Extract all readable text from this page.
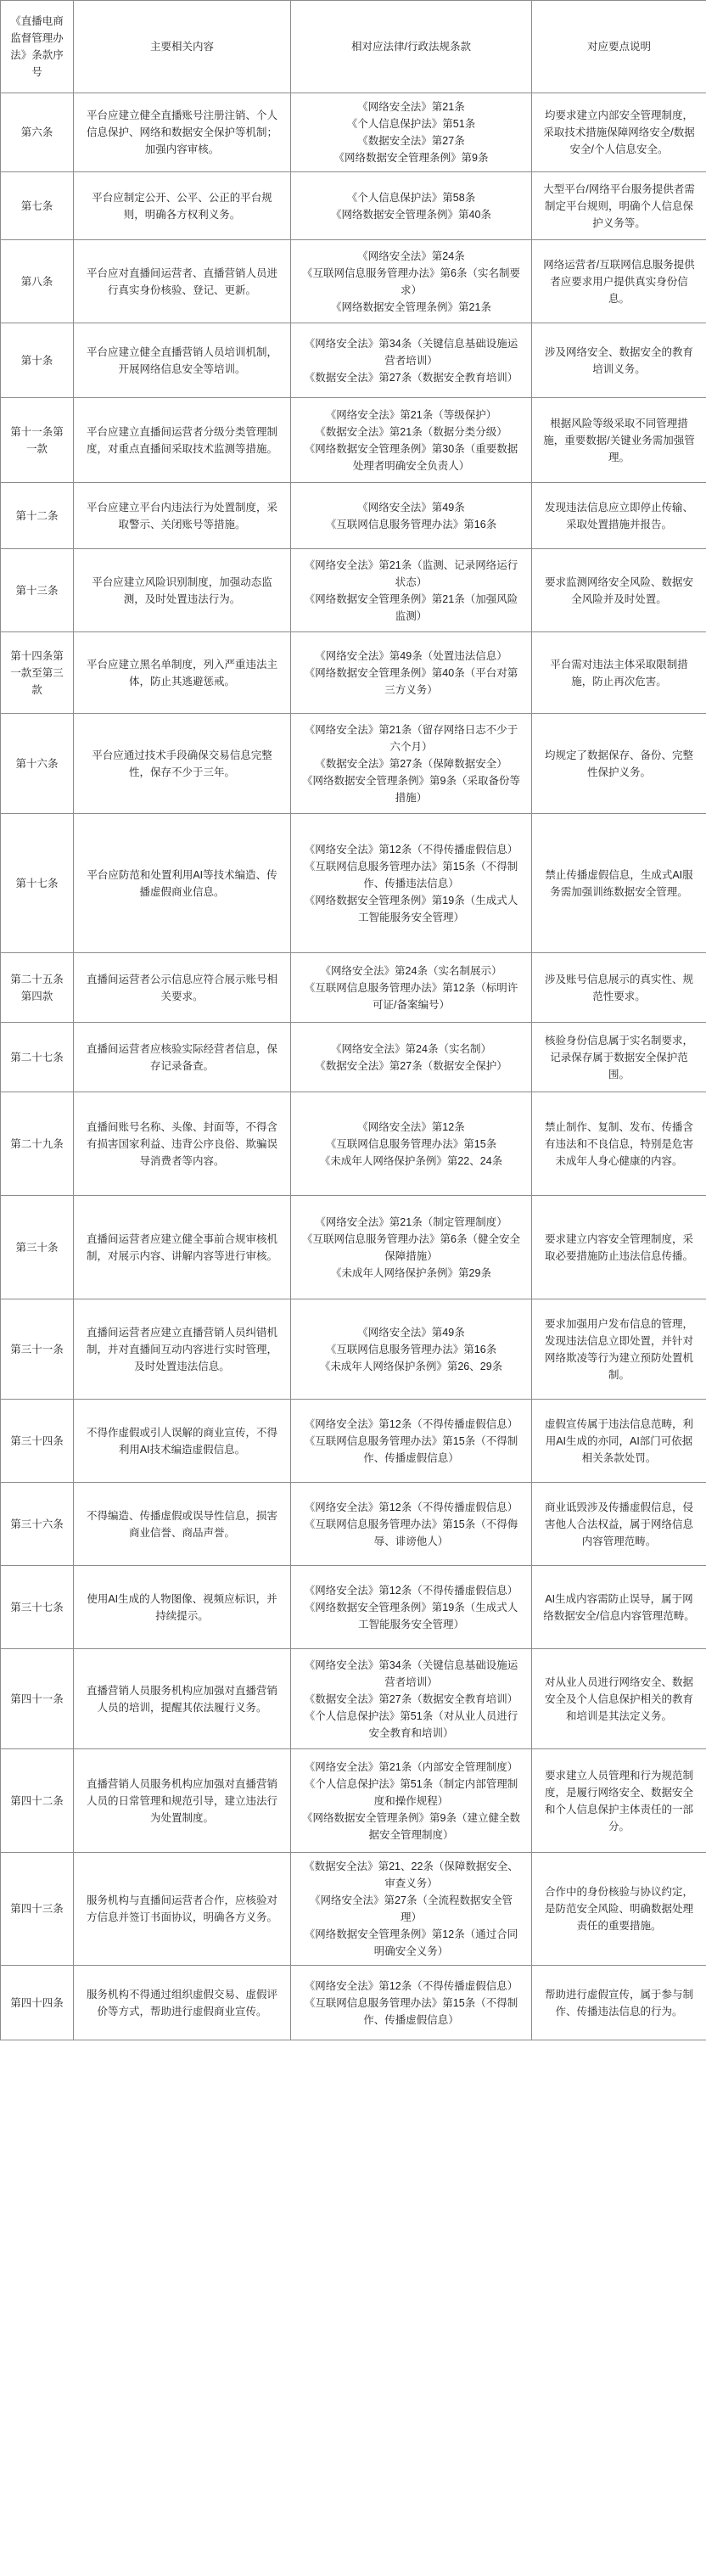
《直播电商监督管理办法》条款序号	主要相关内容	相对应法律/行政法规条款	对应要点说明
第六条	平台应建立健全直播账号注册注销、个人信息保护、网络和数据安全保护等机制；加强内容审核。	《网络安全法》第21条
《个人信息保护法》第51条
《数据安全法》第27条
《网络数据安全管理条例》第9条	均要求建立内部安全管理制度，采取技术措施保障网络安全/数据安全/个人信息安全。
第七条	平台应制定公开、公平、公正的平台规则，明确各方权利义务。	《个人信息保护法》第58条
《网络数据安全管理条例》第40条	大型平台/网络平台服务提供者需制定平台规则，明确个人信息保护义务等。
第八条	平台应对直播间运营者、直播营销人员进行真实身份核验、登记、更新。	《网络安全法》第24条
《互联网信息服务管理办法》第6条（实名制要求）
《网络数据安全管理条例》第21条	网络运营者/互联网信息服务提供者应要求用户提供真实身份信息。
第十条	平台应建立健全直播营销人员培训机制，开展网络信息安全等培训。	《网络安全法》第34条（关键信息基础设施运营者培训）
《数据安全法》第27条（数据安全教育培训）	涉及网络安全、数据安全的教育培训义务。
第十一条第一款	平台应建立直播间运营者分级分类管理制度，对重点直播间采取技术监测等措施。	《网络安全法》第21条（等级保护）
《数据安全法》第21条（数据分类分级）
《网络数据安全管理条例》第30条（重要数据处理者明确安全负责人）	根据风险等级采取不同管理措施，重要数据/关键业务需加强管理。
第十二条	平台应建立平台内违法行为处置制度，采取警示、关闭账号等措施。	《网络安全法》第49条
《互联网信息服务管理办法》第16条	发现违法信息应立即停止传输、采取处置措施并报告。
第十三条	平台应建立风险识别制度，加强动态监测，及时处置违法行为。	《网络安全法》第21条（监测、记录网络运行状态）
《网络数据安全管理条例》第21条（加强风险监测）	要求监测网络安全风险、数据安全风险并及时处置。
第十四条第一款至第三款	平台应建立黑名单制度，列入严重违法主体，防止其逃避惩戒。	《网络安全法》第49条（处置违法信息）
《网络数据安全管理条例》第40条（平台对第三方义务）	平台需对违法主体采取限制措施，防止再次危害。
第十六条	平台应通过技术手段确保交易信息完整性，保存不少于三年。	《网络安全法》第21条（留存网络日志不少于六个月）
《数据安全法》第27条（保障数据安全）
《网络数据安全管理条例》第9条（采取备份等措施）	均规定了数据保存、备份、完整性保护义务。
第十七条	平台应防范和处置利用AI等技术编造、传播虚假商业信息。	《网络安全法》第12条（不得传播虚假信息）
《互联网信息服务管理办法》第15条（不得制作、传播违法信息）
《网络数据安全管理条例》第19条（生成式人工智能服务安全管理）	禁止传播虚假信息，生成式AI服务需加强训练数据安全管理。
第二十五条第四款	直播间运营者公示信息应符合展示账号相关要求。	《网络安全法》第24条（实名制展示）
《互联网信息服务管理办法》第12条（标明许可证/备案编号）	涉及账号信息展示的真实性、规范性要求。
第二十七条	直播间运营者应核验实际经营者信息，保存记录备查。	《网络安全法》第24条（实名制）
《数据安全法》第27条（数据安全保护）	核验身份信息属于实名制要求，记录保存属于数据安全保护范围。
第二十九条	直播间账号名称、头像、封面等，不得含有损害国家利益、违背公序良俗、欺骗误导消费者等内容。	《网络安全法》第12条
《互联网信息服务管理办法》第15条
《未成年人网络保护条例》第22、24条	禁止制作、复制、发布、传播含有违法和不良信息，特别是危害未成年人身心健康的内容。
第三十条	直播间运营者应建立健全事前合规审核机制，对展示内容、讲解内容等进行审核。	《网络安全法》第21条（制定管理制度）
《互联网信息服务管理办法》第6条（健全安全保障措施）
《未成年人网络保护条例》第29条	要求建立内容安全管理制度，采取必要措施防止违法信息传播。
第三十一条	直播间运营者应建立直播营销人员纠错机制，并对直播间互动内容进行实时管理，及时处置违法信息。	《网络安全法》第49条
《互联网信息服务管理办法》第16条
《未成年人网络保护条例》第26、29条	要求加强用户发布信息的管理，发现违法信息立即处置，并针对网络欺凌等行为建立预防处置机制。
第三十四条	不得作虚假或引人误解的商业宣传，不得利用AI技术编造虚假信息。	《网络安全法》第12条（不得传播虚假信息）
《互联网信息服务管理办法》第15条（不得制作、传播虚假信息）	虚假宣传属于违法信息范畴，利用AI生成的亦同，AI部门可依据相关条款处罚。
第三十六条	不得编造、传播虚假或误导性信息，损害商业信誉、商品声誉。	《网络安全法》第12条（不得传播虚假信息）
《互联网信息服务管理办法》第15条（不得侮辱、诽谤他人）	商业诋毁涉及传播虚假信息，侵害他人合法权益，属于网络信息内容管理范畴。
第三十七条	使用AI生成的人物图像、视频应标识，并持续提示。	《网络安全法》第12条（不得传播虚假信息）
《网络数据安全管理条例》第19条（生成式人工智能服务安全管理）	AI生成内容需防止误导，属于网络数据安全/信息内容管理范畴。
第四十一条	直播营销人员服务机构应加强对直播营销人员的培训，提醒其依法履行义务。	《网络安全法》第34条（关键信息基础设施运营者培训）
《数据安全法》第27条（数据安全教育培训）
《个人信息保护法》第51条（对从业人员进行安全教育和培训）	对从业人员进行网络安全、数据安全及个人信息保护相关的教育和培训是其法定义务。
第四十二条	直播营销人员服务机构应加强对直播营销人员的日常管理和规范引导，建立违法行为处置制度。	《网络安全法》第21条（内部安全管理制度）
《个人信息保护法》第51条（制定内部管理制度和操作规程）
《网络数据安全管理条例》第9条（建立健全数据安全管理制度）	要求建立人员管理和行为规范制度，是履行网络安全、数据安全和个人信息保护主体责任的一部分。
第四十三条	服务机构与直播间运营者合作，应核验对方信息并签订书面协议，明确各方义务。	《数据安全法》第21、22条（保障数据安全、审查义务）
《网络安全法》第27条（全流程数据安全管理）
《网络数据安全管理条例》第12条（通过合同明确安全义务）	合作中的身份核验与协议约定，是防范安全风险、明确数据处理责任的重要措施。
第四十四条	服务机构不得通过组织虚假交易、虚假评价等方式，帮助进行虚假商业宣传。	《网络安全法》第12条（不得传播虚假信息）
《互联网信息服务管理办法》第15条（不得制作、传播虚假信息）	帮助进行虚假宣传，属于参与制作、传播违法信息的行为。
